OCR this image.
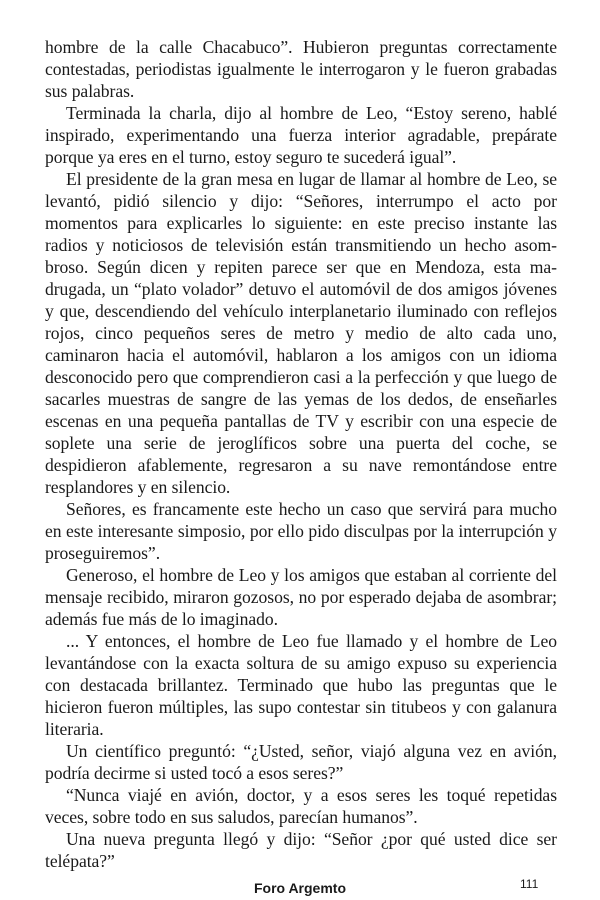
hombre de la calle Chacabuco”. Hubieron preguntas correctamente contestadas, periodistas igualmente le interrogaron y le fueron grabadas sus palabras.

Terminada la charla, dijo al hombre de Leo, “Estoy sereno, hablé inspirado, experimentando una fuerza interior agradable, prepárate porque ya eres en el turno, estoy seguro te sucederá igual”.

El presidente de la gran mesa en lugar de llamar al hombre de Leo, se levantó, pidió silencio y dijo: “Señores, interrumpo el acto por momentos para explicarles lo siguiente: en este preciso instante las radios y noticiosos de televisión están transmitiendo un hecho asombroso. Según dicen y repiten parece ser que en Mendoza, esta madrugada, un “plato volador” detuvo el automóvil de dos amigos jóvenes y que, descendiendo del vehículo interplanetario iluminado con reflejos rojos, cinco pequeños seres de metro y medio de alto cada uno, caminaron hacia el automóvil, hablaron a los amigos con un idioma desconocido pero que comprendieron casi a la perfección y que luego de sacarles muestras de sangre de las yemas de los dedos, de enseñarles escenas en una pequeña pantallas de TV y escribir con una especie de soplete una serie de jeroglíficos sobre una puerta del coche, se despidieron afablemente, regresaron a su nave remontándose entre resplandores y en silencio.

Señores, es francamente este hecho un caso que servirá para mucho en este interesante simposio, por ello pido disculpas por la interrupción y proseguiremos”.

Generoso, el hombre de Leo y los amigos que estaban al corriente del mensaje recibido, miraron gozosos, no por esperado dejaba de asombrar; además fue más de lo imaginado.

... Y entonces, el hombre de Leo fue llamado y el hombre de Leo levantándose con la exacta soltura de su amigo expuso su experiencia con destacada brillantez. Terminado que hubo las preguntas que le hicieron fueron múltiples, las supo contestar sin titubeos y con galanura literaria.

Un científico preguntó: “¿Usted, señor, viajó alguna vez en avión, podría decirme si usted tocó a esos seres?”

“Nunca viajé en avión, doctor, y a esos seres les toqué repetidas veces, sobre todo en sus saludos, parecían humanos”.

Una nueva pregunta llegó y dijo: “Señor ¿por qué usted dice ser telépata?”

Foro Argemto	111
